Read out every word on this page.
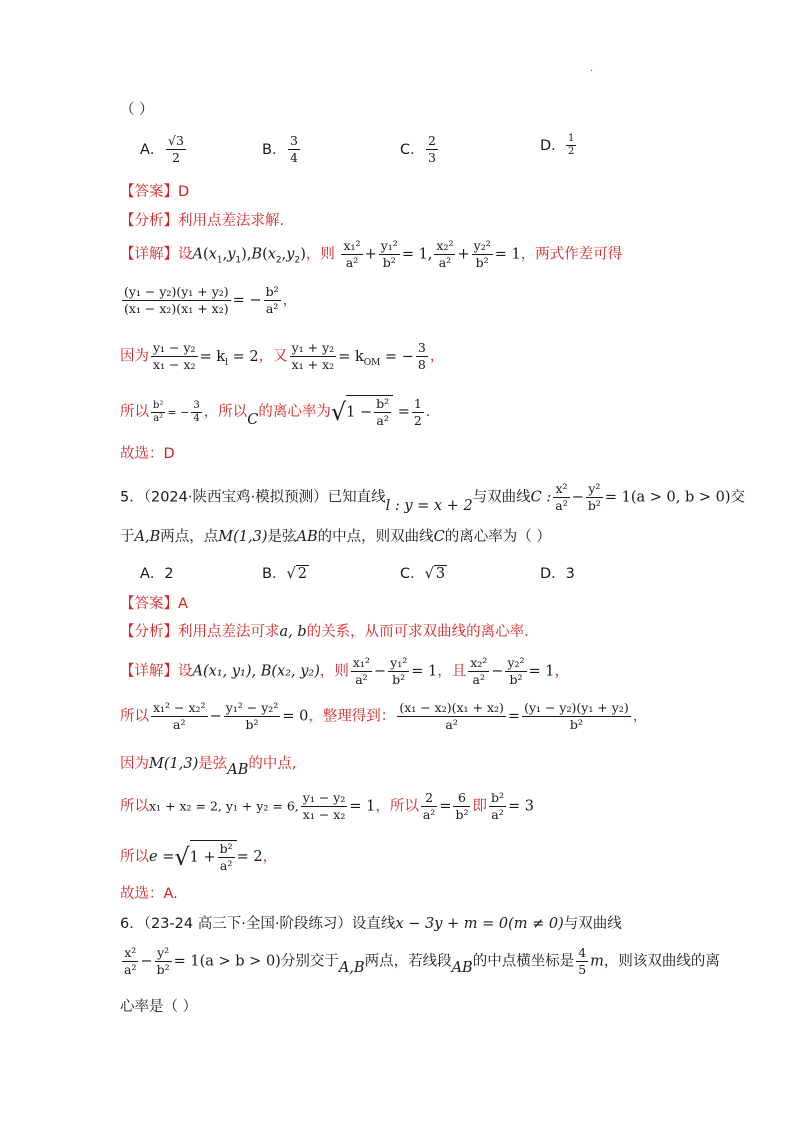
·
（ ）
A． $\frac{√3}{2}$	B． $\frac{3}{4}$	C． $\frac{2}{3}$	D． $\frac{1}{2}$
【答案】D
【分析】利用点差法求解.
【详解】设$A(x_1,y_1),B(x_2,y_2)$，则 $\frac{\text{x₁²}}{\text{a²}} + \frac{\text{y₁²}}{\text{b²}} = 1$, $\frac{\text{x₂²}}{\text{a²}} + \frac{\text{y₂²}}{\text{b²}} = 1$，两式作差可得
$\frac{\text{(y₁ − y₂)(y₁ + y₂)}}{\text{(x₁ − x₂)(x₁ + x₂)}}$ = − $\frac{\text{b²}}{\text{a²}}$ ，
因为 $\frac{\text{y₁ − y₂}}{\text{x₁ − x₂}} = k_l = 2$，又 $\frac{\text{y₁ + y₂}}{\text{x₁ + x₂}} = k_{OM}$ = − $\frac{3}{8}$ ，
所以 $\frac{\text{b²}}{\text{a²}}$ = − $\frac{3}{4}$ ，所以C的离心率为$√1 - \frac{\text{b²}}{\text{a²}} = \frac{1}{2}$ .
故选：D
5．（2024·陕西宝鸡·模拟预测）已知直线l : y = x + 2与双曲线C : $\frac{\text{x²}}{\text{a²}} - \frac{\text{y²}}{\text{b²}} = 1(a > 0$, b > 0)交
于A,B两点，点M(1,3)是弦AB的中点，则双曲线C的离心率为（ ）
A．2	B．√ 2	C．√ 3	D．3
【答案】A
【分析】利用点差法可求a, b的关系，从而可求双曲线的离心率.
【详解】设A(x₁, y₁), B(x₂, y₂)，则 $\frac{\text{x₁²}}{\text{a²}} - \frac{\text{y₁²}}{\text{b²}} = 1$，且 $\frac{\text{x₂²}}{\text{a²}} - \frac{\text{y₂²}}{\text{b²}} = 1$，
所以 $\frac{\text{x₁² − x₂²}}{\text{a²}} - \frac{\text{y₁² − y₂²}}{\text{b²}} = 0$，整理得到： $\frac{\text{(x₁ − x₂)(x₁ + x₂)}}{\text{a²}} = \frac{\text{(y₁ − y₂)(y₁ + y₂)}}{\text{b²}}$ ，
因为M(1,3)是弦AB的中点,
所以x₁ + x₂ = 2, y₁ + y₂ = 6, $\frac{\text{y₁ − y₂}}{\text{x₁ − x₂}} = 1$，所以 $\frac{2}{\text{a²}} = \frac{6}{\text{b²}}$ 即 $\frac{\text{b²}}{\text{a²}} = 3$
所以$e =√1 + \frac{\text{b²}}{\text{a²}} = 2$，
故选：A.
6．（23-24 高三下·全国·阶段练习）设直线x − 3y + m = 0(m ≠ 0)与双曲线
$\frac{\text{x²}}{\text{a²}} - \frac{\text{y²}}{\text{b²}} = 1(a > b > 0)$分别交于A,B两点，若线段AB的中点横坐标是 $\frac{4}{5}$ m，则该双曲线的离
心率是（ ）
